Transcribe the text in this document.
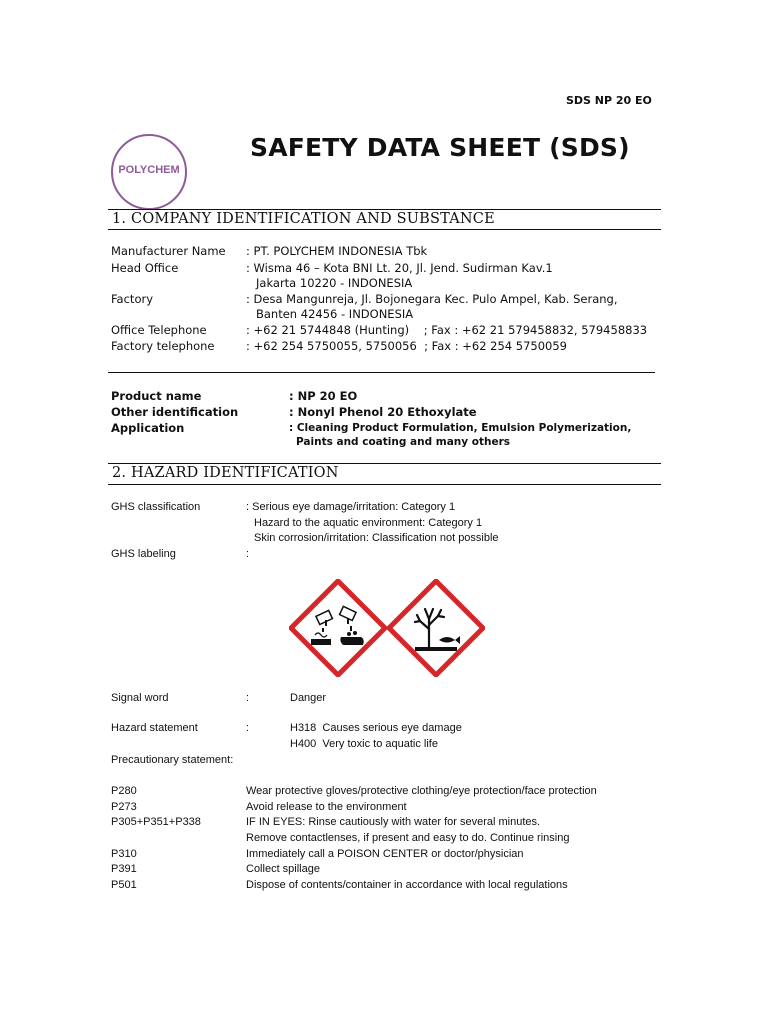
SDS NP 20 EO
POLYCHEM
SAFETY DATA SHEET (SDS)
1. COMPANY IDENTIFICATION AND SUBSTANCE
Manufacturer Name : PT. POLYCHEM INDONESIA Tbk
Head Office	: Wisma 46 – Kota BNI Lt. 20, Jl. Jend. Sudirman Kav.1
Jakarta 10220 - INDONESIA
Factory	: Desa Mangunreja, Jl. Bojonegara Kec. Pulo Ampel, Kab. Serang,
Banten 42456 - INDONESIA
Office Telephone	: +62 21 5744848 (Hunting)    ; Fax : +62 21 579458832, 579458833
Factory telephone	: +62 254 5750055, 5750056  ; Fax : +62 254 5750059
Product name	: NP 20 EO
Other identification	: Nonyl Phenol 20 Ethoxylate
Application	: Cleaning Product Formulation, Emulsion Polymerization,
Paints and coating and many others
2. HAZARD IDENTIFICATION
GHS classification	: Serious eye damage/irritation: Category 1
Hazard to the aquatic environment: Category 1
Skin corrosion/irritation: Classification not possible
GHS labeling	:
Signal word	:	Danger
Hazard statement	:	H318  Causes serious eye damage
H400  Very toxic to aquatic life
Precautionary statement:
P280	Wear protective gloves/protective clothing/eye protection/face protection
P273	Avoid release to the environment
P305+P351+P338	IF IN EYES: Rinse cautiously with water for several minutes.
Remove contactlenses, if present and easy to do. Continue rinsing
P310	Immediately call a POISON CENTER or doctor/physician
P391	Collect spillage
P501	Dispose of contents/container in accordance with local regulations
